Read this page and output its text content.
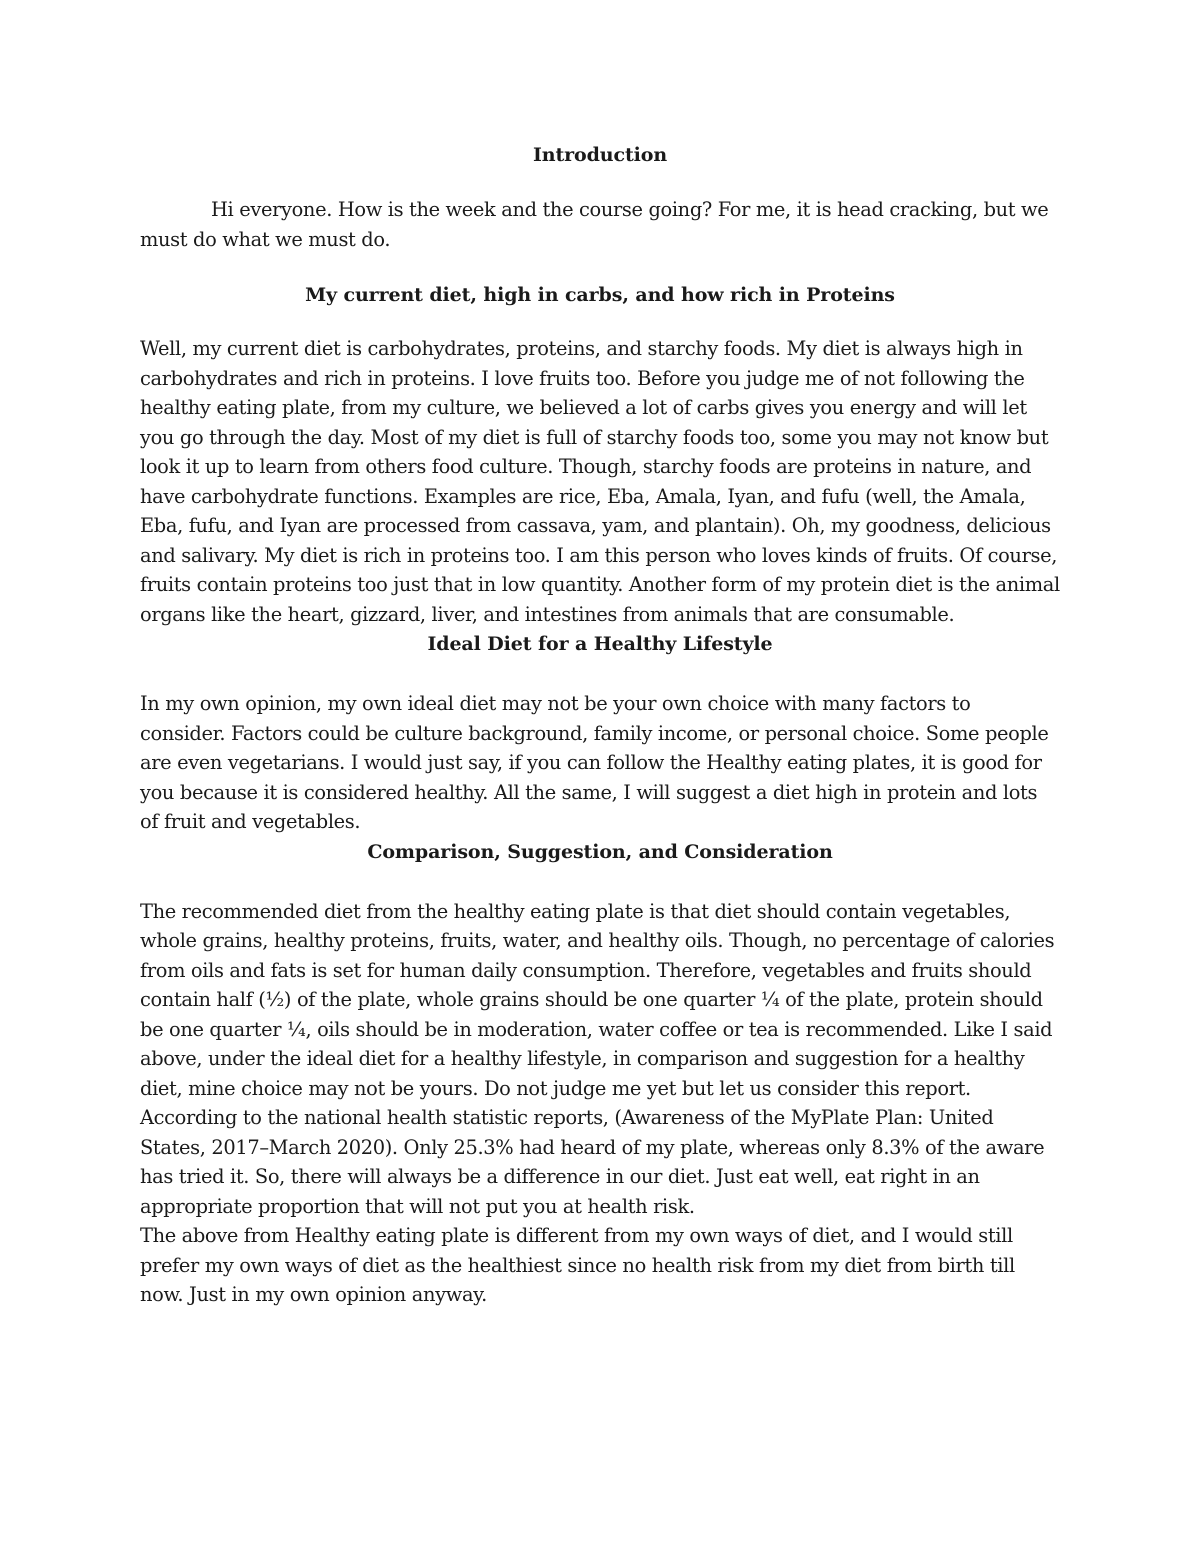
Introduction

Hi everyone. How is the week and the course going? For me, it is head cracking, but we must do what we must do.

My current diet, high in carbs, and how rich in Proteins

Well, my current diet is carbohydrates, proteins, and starchy foods. My diet is always high in carbohydrates and rich in proteins. I love fruits too. Before you judge me of not following the healthy eating plate, from my culture, we believed a lot of carbs gives you energy and will let you go through the day. Most of my diet is full of starchy foods too, some you may not know but look it up to learn from others food culture. Though, starchy foods are proteins in nature, and have carbohydrate functions. Examples are rice, Eba, Amala, Iyan, and fufu (well, the Amala, Eba, fufu, and Iyan are processed from cassava, yam, and plantain). Oh, my goodness, delicious and salivary. My diet is rich in proteins too. I am this person who loves kinds of fruits. Of course, fruits contain proteins too just that in low quantity. Another form of my protein diet is the animal organs like the heart, gizzard, liver, and intestines from animals that are consumable.

Ideal Diet for a Healthy Lifestyle

In my own opinion, my own ideal diet may not be your own choice with many factors to consider. Factors could be culture background, family income, or personal choice. Some people are even vegetarians. I would just say, if you can follow the Healthy eating plates, it is good for you because it is considered healthy. All the same, I will suggest a diet high in protein and lots of fruit and vegetables.

Comparison, Suggestion, and Consideration

The recommended diet from the healthy eating plate is that diet should contain vegetables, whole grains, healthy proteins, fruits, water, and healthy oils. Though, no percentage of calories from oils and fats is set for human daily consumption. Therefore, vegetables and fruits should contain half (½) of the plate, whole grains should be one quarter ¼ of the plate, protein should be one quarter ¼, oils should be in moderation, water coffee or tea is recommended. Like I said above, under the ideal diet for a healthy lifestyle, in comparison and suggestion for a healthy diet, mine choice may not be yours. Do not judge me yet but let us consider this report. According to the national health statistic reports, (Awareness of the MyPlate Plan: United States, 2017–March 2020). Only 25.3% had heard of my plate, whereas only 8.3% of the aware has tried it. So, there will always be a difference in our diet. Just eat well, eat right in an appropriate proportion that will not put you at health risk.

The above from Healthy eating plate is different from my own ways of diet, and I would still prefer my own ways of diet as the healthiest since no health risk from my diet from birth till now. Just in my own opinion anyway.
